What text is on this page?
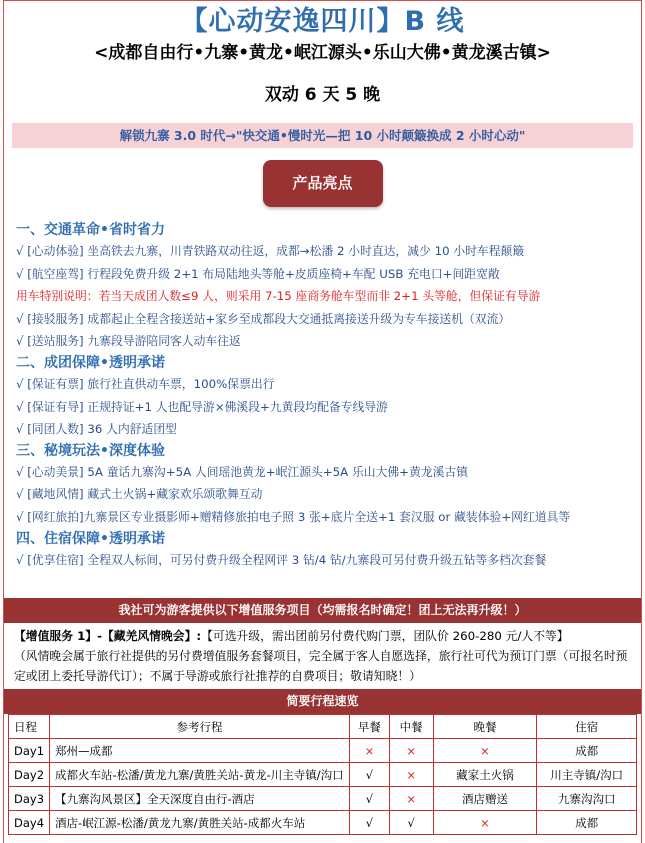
【心动安逸四川】B 线
<成都自由行•九寨•黄龙•岷江源头•乐山大佛•黄龙溪古镇>
双动 6 天 5 晚
解锁九寨 3.0 时代→"快交通•慢时光—把 10 小时颠簸换成 2 小时心动"
产品亮点
一、交通革命•省时省力
√ [心动体验] 坐高铁去九寨，川青铁路双动往返，成都→松潘 2 小时直达，减少 10 小时车程颠簸
√ [航空座驾] 行程段免费升级 2+1 布局陆地头等舱+皮质座椅+车配 USB 充电口+间距宽敞
用车特别说明：若当天成团人数≤9 人，则采用 7-15 座商务舱车型而非 2+1 头等舱，但保证有导游
√ [接驳服务] 成都起止全程含接送站+家乡至成都段大交通抵离接送升级为专车接送机（双流）
√ [送站服务] 九寨段导游陪同客人动车往返
二、成团保障•透明承诺
√ [保证有票] 旅行社直供动车票，100%保票出行
√ [保证有导] 正规持证+1 人也配导游×佛溪段+九黄段均配备专线导游
√ [同团人数] 36 人内舒适团型
三、秘境玩法•深度体验
√ [心动美景] 5A 童话九寨沟+5A 人间瑶池黄龙+岷江源头+5A 乐山大佛+黄龙溪古镇
√ [藏地风情] 藏式土火锅+藏家欢乐颂歌舞互动
√ [网红旅拍]九寨景区专业摄影师+赠精修旅拍电子照 3 张+底片全送+1 套汉服 or 藏装体验+网红道具等
四、住宿保障•透明承诺
√ [优享住宿] 全程双人标间，可另付费升级全程网评 3 钻/4 钻/九寨段可另付费升级五钻等多档次套餐
我社可为游客提供以下增值服务项目（均需报名时确定！团上无法再升级！）
【增值服务 1】-【藏羌风情晚会】:【可选升级，需出团前另付费代购门票，团队价 260-280 元/人不等】
（风情晚会属于旅行社提供的另付费增值服务套餐项目，完全属于客人自愿选择，旅行社可代为预订门票（可报名时预定或团上委托导游代订）；不属于导游或旅行社推荐的自费项目；敬请知晓！）
简要行程速览
日程	参考行程	早餐	中餐	晚餐	住宿
Day1	郑州—成都	×	×	×	成都
Day2	成都火车站-松潘/黄龙九寨/黄胜关站-黄龙-川主寺镇/沟口	√	×	藏家土火锅	川主寺镇/沟口
Day3	【九寨沟风景区】全天深度自由行-酒店	√	×	酒店赠送	九寨沟沟口
Day4	酒店-岷江源-松潘/黄龙九寨/黄胜关站-成都火车站	√	√	×	成都
